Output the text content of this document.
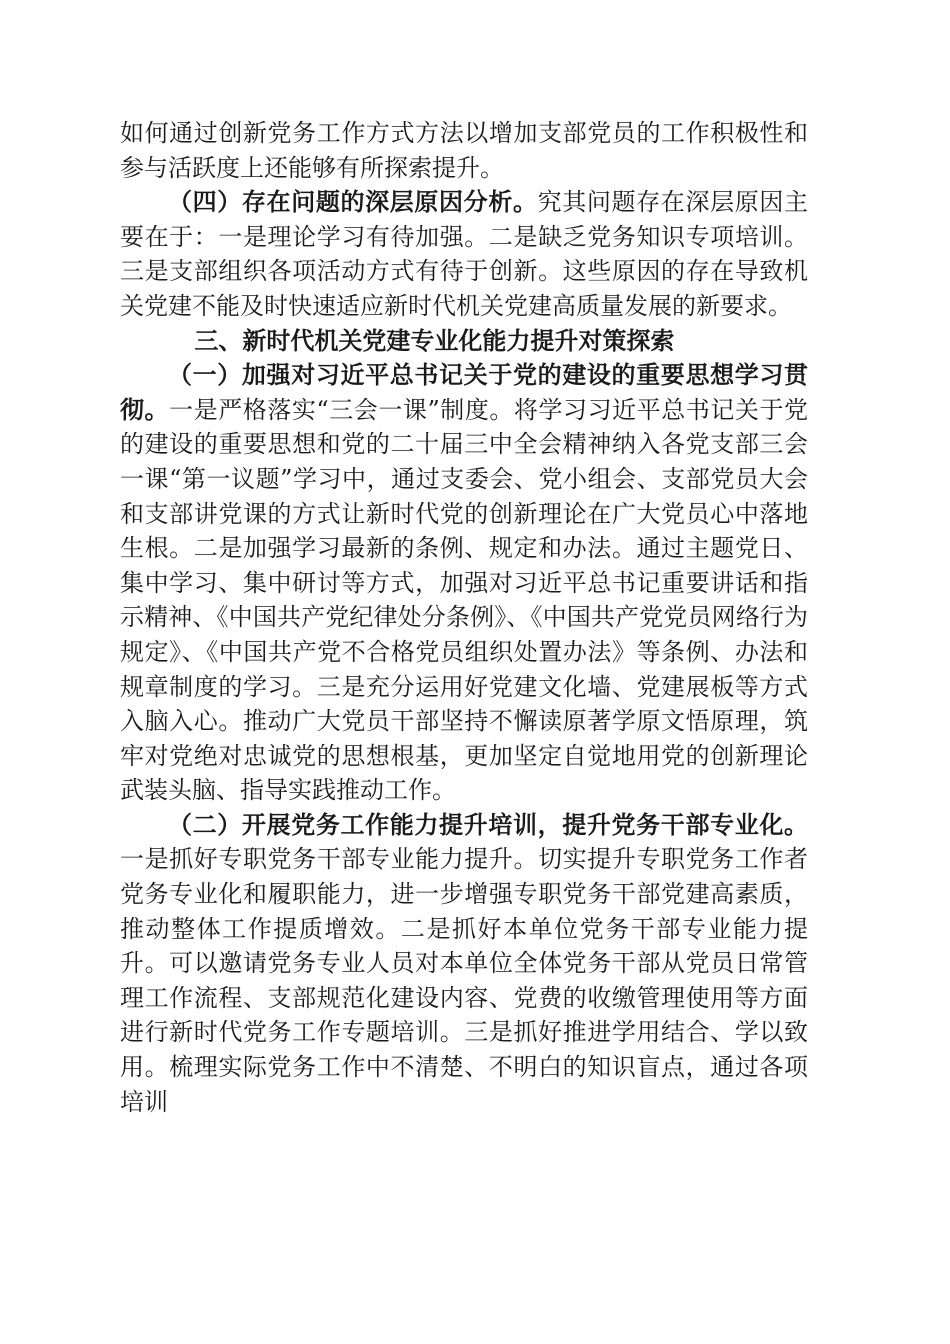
如何通过创新党务工作方式方法以增加支部党员的工作积极性和参与活跃度上还能够有所探索提升。

（四）存在问题的深层原因分析。究其问题存在深层原因主要在于：一是理论学习有待加强。二是缺乏党务知识专项培训。三是支部组织各项活动方式有待于创新。这些原因的存在导致机关党建不能及时快速适应新时代机关党建高质量发展的新要求。

三、新时代机关党建专业化能力提升对策探索

（一）加强对习近平总书记关于党的建设的重要思想学习贯彻。一是严格落实“三会一课”制度。将学习习近平总书记关于党的建设的重要思想和党的二十届三中全会精神纳入各党支部三会一课“第一议题”学习中，通过支委会、党小组会、支部党员大会和支部讲党课的方式让新时代党的创新理论在广大党员心中落地生根。二是加强学习最新的条例、规定和办法。通过主题党日、集中学习、集中研讨等方式，加强对习近平总书记重要讲话和指示精神、《中国共产党纪律处分条例》、《中国共产党党员网络行为规定》、《中国共产党不合格党员组织处置办法》等条例、办法和规章制度的学习。三是充分运用好党建文化墙、党建展板等方式入脑入心。推动广大党员干部坚持不懈读原著学原文悟原理，筑牢对党绝对忠诚党的思想根基，更加坚定自觉地用党的创新理论武装头脑、指导实践推动工作。

（二）开展党务工作能力提升培训，提升党务干部专业化。一是抓好专职党务干部专业能力提升。切实提升专职党务工作者党务专业化和履职能力，进一步增强专职党务干部党建高素质，推动整体工作提质增效。二是抓好本单位党务干部专业能力提升。可以邀请党务专业人员对本单位全体党务干部从党员日常管理工作流程、支部规范化建设内容、党费的收缴管理使用等方面进行新时代党务工作专题培训。三是抓好推进学用结合、学以致用。梳理实际党务工作中不清楚、不明白的知识盲点，通过各项培训
